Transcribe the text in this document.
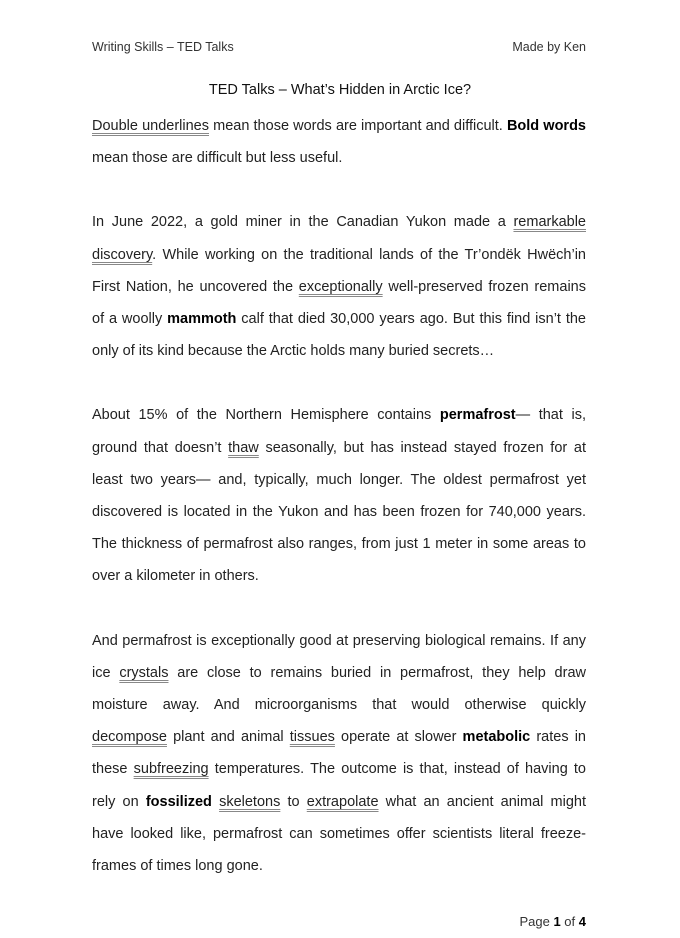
Writing Skills – TED Talks	Made by Ken
TED Talks – What’s Hidden in Arctic Ice?

Double underlines mean those words are important and difficult. Bold words mean those are difficult but less useful.

In June 2022, a gold miner in the Canadian Yukon made a remarkable discovery. While working on the traditional lands of the Tr’ondëk Hwëch’in First Nation, he uncovered the exceptionally well-preserved frozen remains of a woolly mammoth calf that died 30,000 years ago. But this find isn’t the only of its kind because the Arctic holds many buried secrets…

About 15% of the Northern Hemisphere contains permafrost— that is, ground that doesn’t thaw seasonally, but has instead stayed frozen for at least two years— and, typically, much longer. The oldest permafrost yet discovered is located in the Yukon and has been frozen for 740,000 years. The thickness of permafrost also ranges, from just 1 meter in some areas to over a kilometer in others.

And permafrost is exceptionally good at preserving biological remains. If any ice crystals are close to remains buried in permafrost, they help draw moisture away. And microorganisms that would otherwise quickly decompose plant and animal tissues operate at slower metabolic rates in these subfreezing temperatures. The outcome is that, instead of having to rely on fossilized skeletons to extrapolate what an ancient animal might have looked like, permafrost can sometimes offer scientists literal freeze-frames of times long gone.

Page 1 of 4
